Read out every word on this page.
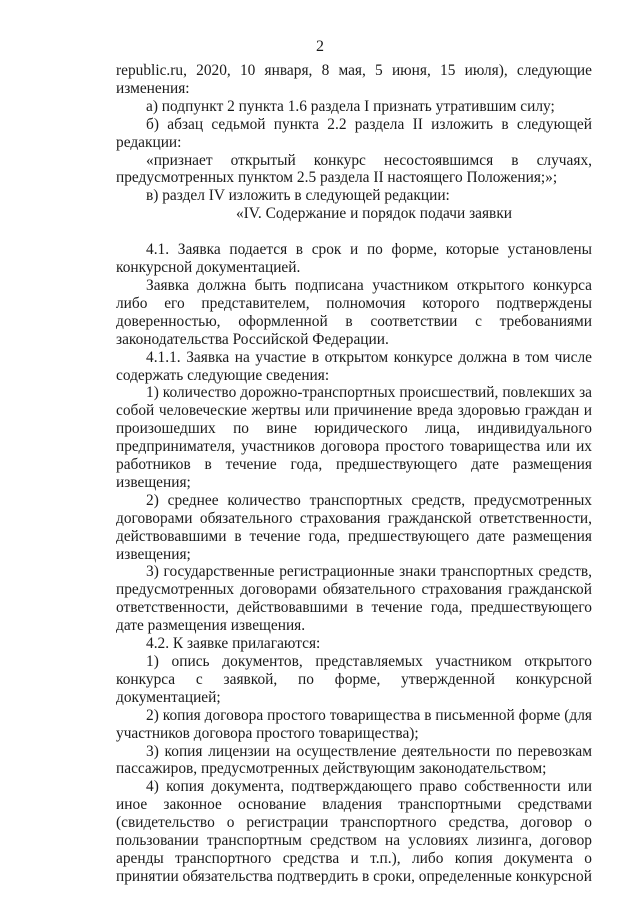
2

republic.ru, 2020, 10 января, 8 мая, 5 июня, 15 июля), следующие изменения:

а) подпункт 2 пункта 1.6 раздела I признать утратившим силу;

б) абзац седьмой пункта 2.2 раздела II изложить в следующей редакции:

«признает открытый конкурс несостоявшимся в случаях, предусмотренных пунктом 2.5 раздела II настоящего Положения;»;

в) раздел IV изложить в следующей редакции:

«IV. Содержание и порядок подачи заявки

4.1. Заявка подается в срок и по форме, которые установлены конкурсной документацией.

Заявка должна быть подписана участником открытого конкурса либо его представителем, полномочия которого подтверждены доверенностью, оформленной в соответствии с требованиями законодательства Российской Федерации.

4.1.1. Заявка на участие в открытом конкурсе должна в том числе содержать следующие сведения:

1) количество дорожно-транспортных происшествий, повлекших за собой человеческие жертвы или причинение вреда здоровью граждан и произошедших по вине юридического лица, индивидуального предпринимателя, участников договора простого товарищества или их работников в течение года, предшествующего дате размещения извещения;

2) среднее количество транспортных средств, предусмотренных договорами обязательного страхования гражданской ответственности, действовавшими в течение года, предшествующего дате размещения извещения;

3) государственные регистрационные знаки транспортных средств, предусмотренных договорами обязательного страхования гражданской ответственности, действовавшими в течение года, предшествующего дате размещения извещения.

4.2. К заявке прилагаются:

1) опись документов, представляемых участником открытого конкурса с заявкой, по форме, утвержденной конкурсной документацией;

2) копия договора простого товарищества в письменной форме (для участников договора простого товарищества);

3) копия лицензии на осуществление деятельности по перевозкам пассажиров, предусмотренных действующим законодательством;

4) копия документа, подтверждающего право собственности или иное законное основание владения транспортными средствами (свидетельство о регистрации транспортного средства, договор о пользовании транспортным средством на условиях лизинга, договор аренды транспортного средства и т.п.), либо копия документа о принятии обязательства подтвердить в сроки, определенные конкурсной
